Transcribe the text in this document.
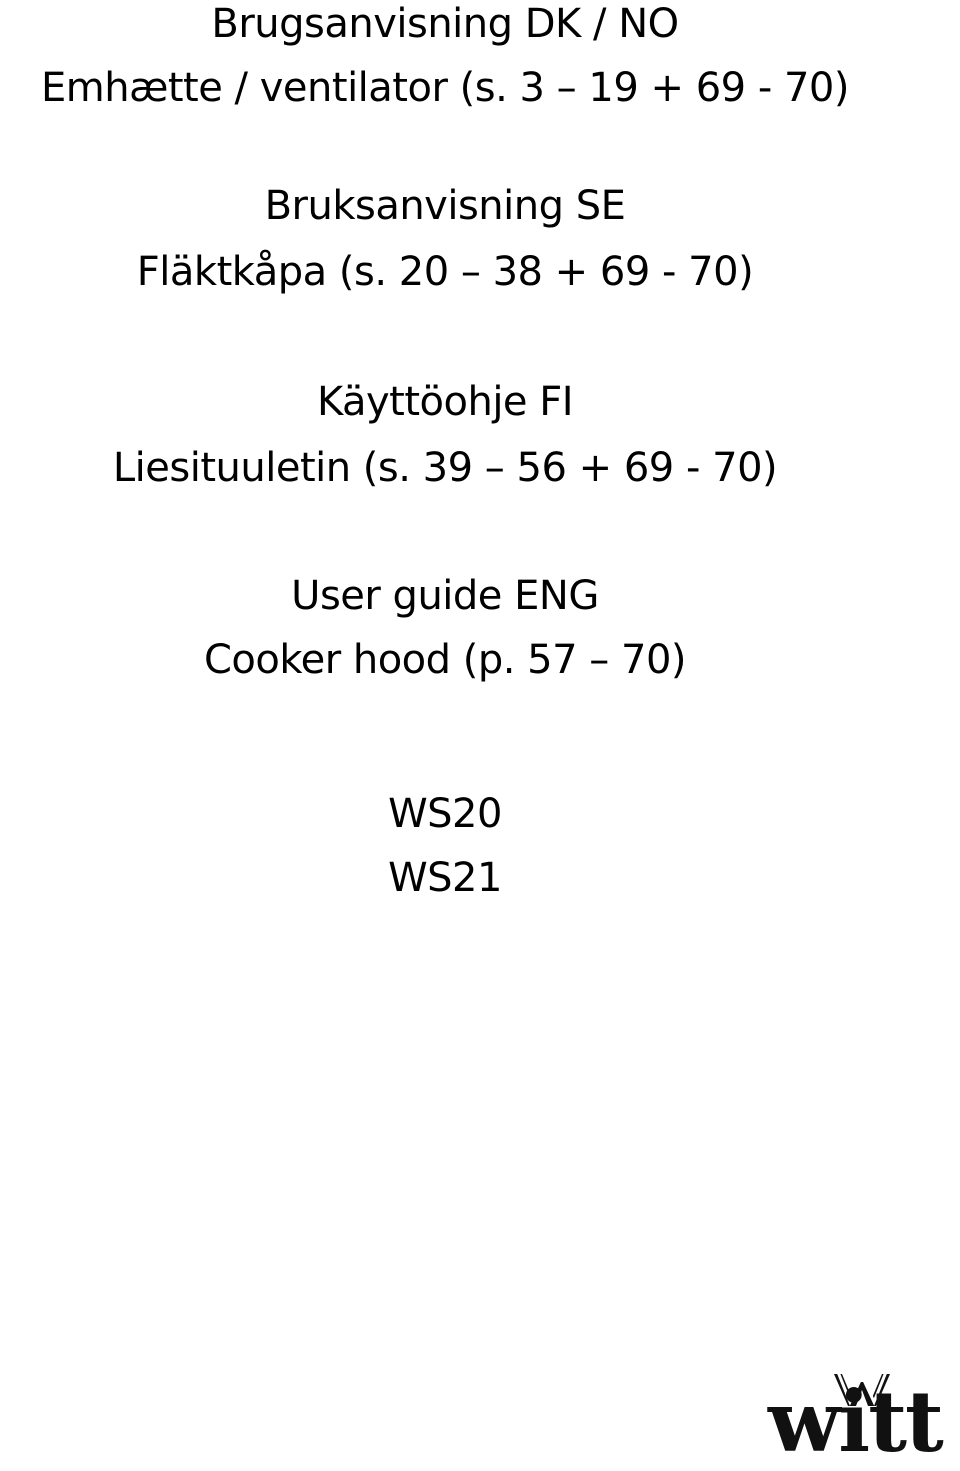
Brugsanvisning DK / NO
Emhætte / ventilator (s. 3 – 19 + 69 - 70)
Bruksanvisning SE
Fläktkåpa (s. 20 – 38 + 69 - 70)
Käyttöohje FI
Liesituuletin (s. 39 – 56 + 69 - 70)
User guide ENG
Cooker hood (p. 57 – 70)
WS20
WS21
witt
